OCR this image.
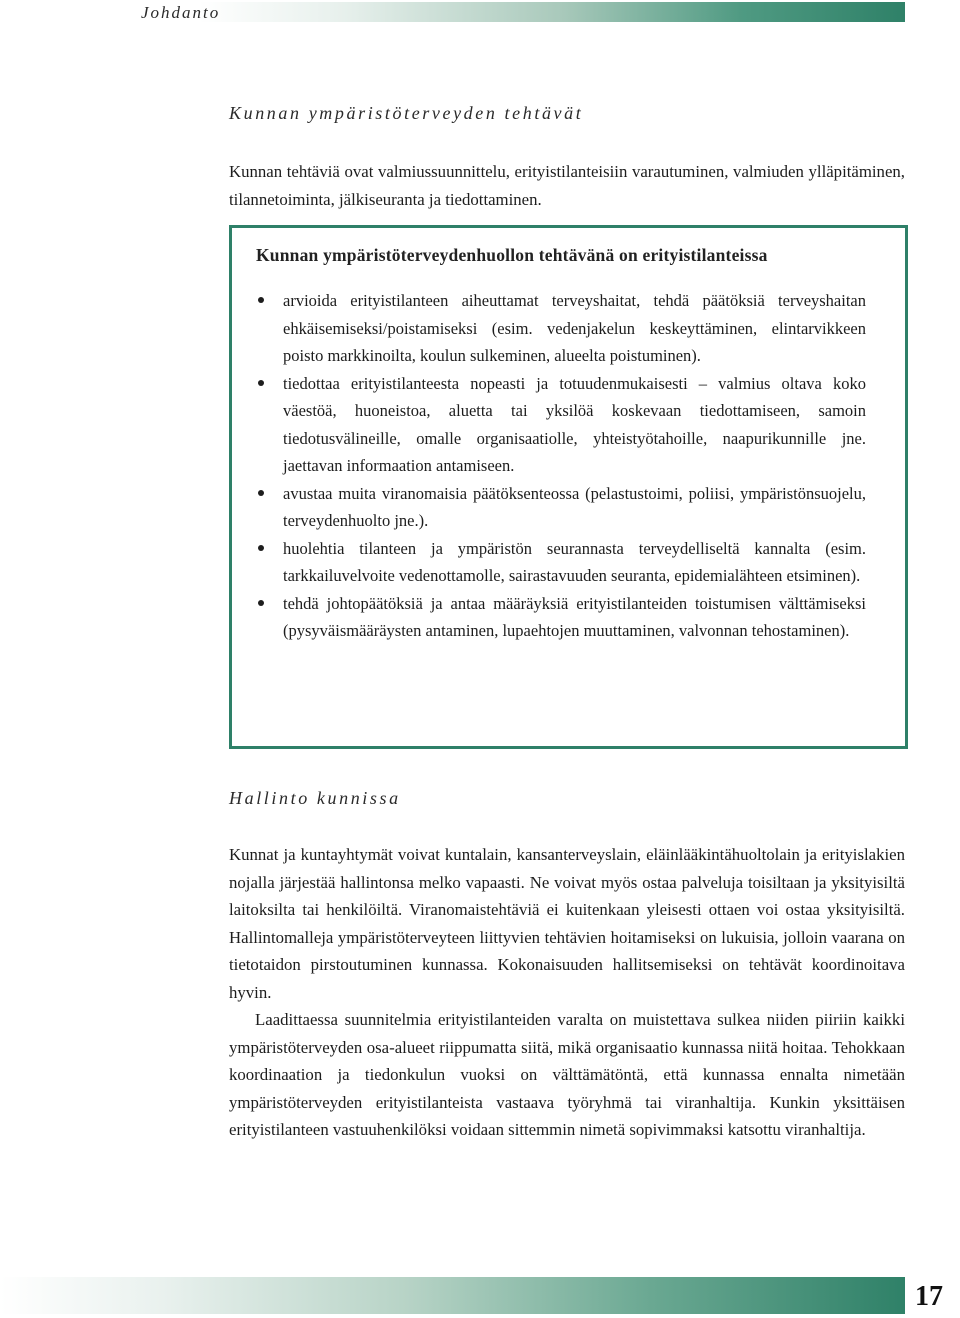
Johdanto
Kunnan ympäristöterveyden tehtävät

Kunnan tehtäviä ovat valmiussuunnittelu, erityistilanteisiin varautuminen, valmiuden ylläpitäminen, tilannetoiminta, jälkiseuranta ja tiedottaminen.

Kunnan ympäristöterveydenhuollon tehtävänä on erityistilanteissa

arvioida erityistilanteen aiheuttamat terveyshaitat, tehdä päätöksiä terveyshaitan ehkäisemiseksi/poistamiseksi (esim. vedenjakelun keskeyttäminen, elintarvikkeen poisto markkinoilta, koulun sulkeminen, alueelta poistuminen).
tiedottaa erityistilanteesta nopeasti ja totuudenmukaisesti – valmius oltava koko väestöä, huoneistoa, aluetta tai yksilöä koskevaan tiedottamiseen, samoin tiedotusvälineille, omalle organisaatiolle, yhteistyötahoille, naapurikunnille jne. jaettavan informaation antamiseen.
avustaa muita viranomaisia päätöksenteossa (pelastustoimi, poliisi, ympäristönsuojelu, terveydenhuolto jne.).
huolehtia tilanteen ja ympäristön seurannasta terveydelliseltä kannalta (esim. tarkkailuvelvoite vedenottamolle, sairastavuuden seuranta, epidemialähteen etsiminen).
tehdä johtopäätöksiä ja antaa määräyksiä erityistilanteiden toistumisen välttämiseksi (pysyväismääräysten antaminen, lupaehtojen muuttaminen, valvonnan tehostaminen).
Hallinto kunnissa

Kunnat ja kuntayhtymät voivat kuntalain, kansanterveyslain, eläinlääkintähuoltolain ja erityislakien nojalla järjestää hallintonsa melko vapaasti. Ne voivat myös ostaa palveluja toisiltaan ja yksityisiltä laitoksilta tai henkilöiltä. Viranomaistehtäviä ei kuitenkaan yleisesti ottaen voi ostaa yksityisiltä. Hallintomalleja ympäristöterveyteen liittyvien tehtävien hoitamiseksi on lukuisia, jolloin vaarana on tietotaidon pirstoutuminen kunnassa. Kokonaisuuden hallitsemiseksi on tehtävät koordinoitava hyvin.

Laadittaessa suunnitelmia erityistilanteiden varalta on muistettava sulkea niiden piiriin kaikki ympäristöterveyden osa-alueet riippumatta siitä, mikä organisaatio kunnassa niitä hoitaa. Tehokkaan koordinaation ja tiedonkulun vuoksi on välttämätöntä, että kunnassa ennalta nimetään ympäristöterveyden erityistilanteista vastaava työryhmä tai viranhaltija. Kunkin yksittäisen erityistilanteen vastuuhenkilöksi voidaan sittemmin nimetä sopivimmaksi katsottu viranhaltija.

17
